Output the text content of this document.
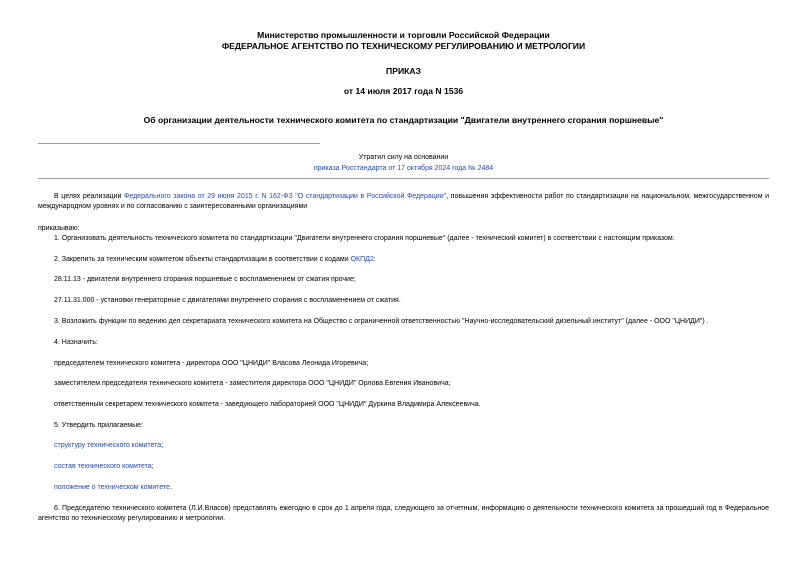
Министерство промышленности и торговли Российской Федерации
ФЕДЕРАЛЬНОЕ АГЕНТСТВО ПО ТЕХНИЧЕСКОМУ РЕГУЛИРОВАНИЮ И МЕТРОЛОГИИ
ПРИКАЗ
от 14 июля 2017 года N 1536
Об организации деятельности технического комитета по стандартизации "Двигатели внутреннего сгорания поршневые"
Утратил силу на основании
приказа Росстандарта от 17 октября 2024 года № 2484
В целях реализации Федерального закона от 29 июня 2015 г. N 162-ФЗ "О стандартизации в Российской Федерации", повышения эффективности работ по стандартизации на национальном, межгосударственном и международном уровнях и по согласованию с заинтересованными организациями
приказываю:
1. Организовать деятельность технического комитета по стандартизации "Двигатели внутреннего сгорания поршневые" (далее - технический комитет) в соответствии с настоящим приказом.
2. Закрепить за техническим комитетом объекты стандартизации в соответствии с кодами ОКПД2:
28.11.13 - двигатели внутреннего сгорания поршневые с воспламенением от сжатия прочие;
27.11.31.000 - установки генераторные с двигателями внутреннего сгорания с воспламенением от сжатия.
3. Возложить функции по ведению дел секретариата технического комитета на Общество с ограниченной ответственностью "Научно-исследовательский дизельный институт" (далее - ООО "ЦНИДИ") .
4. Назначить:
председателем технического комитета - директора ООО "ЦНИДИ" Власова Леонида Игоревича;
заместителем председателя технического комитета - заместителя директора ООО "ЦНИДИ" Орлова Евгения Ивановича;
ответственным секретарем технического комитета - заведующего лабораторией ООО "ЦНИДИ" Дуркина Владимира Алексеевича.
5. Утвердить прилагаемые:
структуру технического комитета;
состав технического комитета;
положение о техническом комитете.
6. Председателю технического комитета (Л.И.Власов) представлять ежегодно в срок до 1 апреля года, следующего за отчетным, информацию о деятельности технического комитета за прошедший год в Федеральное агентство по техническому регулированию и метрологии.
